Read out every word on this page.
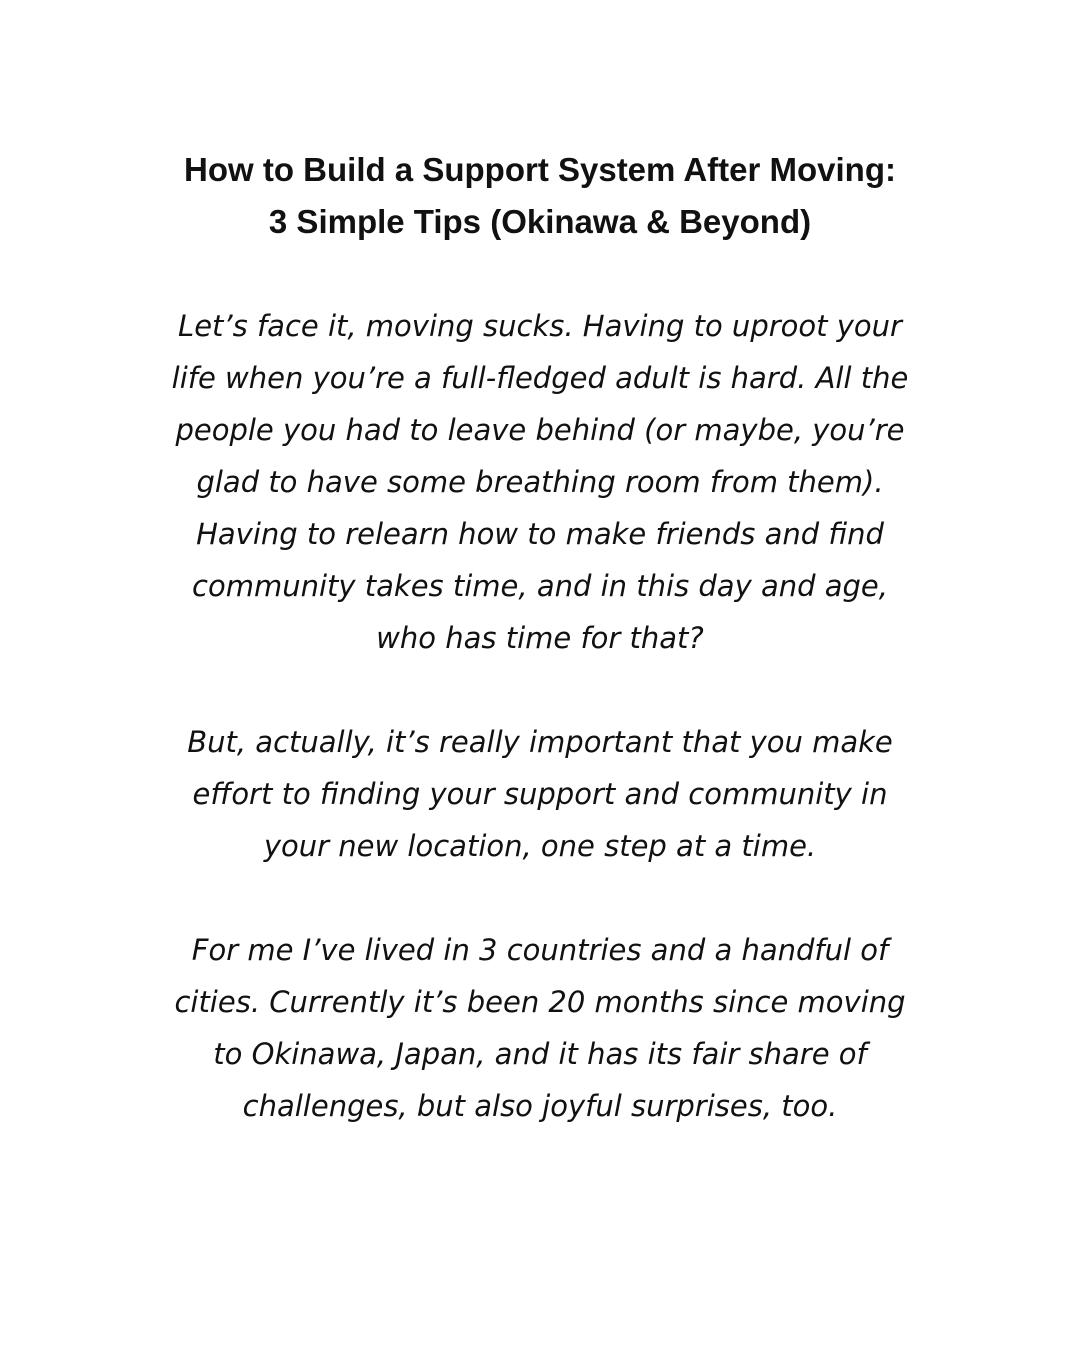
How to Build a Support System After Moving:
3 Simple Tips (Okinawa & Beyond)

Let’s face it, moving sucks. Having to uproot your
life when you’re a full-fledged adult is hard. All the
people you had to leave behind (or maybe, you’re
glad to have some breathing room from them).
Having to relearn how to make friends and find
community takes time, and in this day and age,
who has time for that?

But, actually, it’s really important that you make
effort to finding your support and community in
your new location, one step at a time.

For me I’ve lived in 3 countries and a handful of
cities. Currently it’s been 20 months since moving
to Okinawa, Japan, and it has its fair share of
challenges, but also joyful surprises, too.
